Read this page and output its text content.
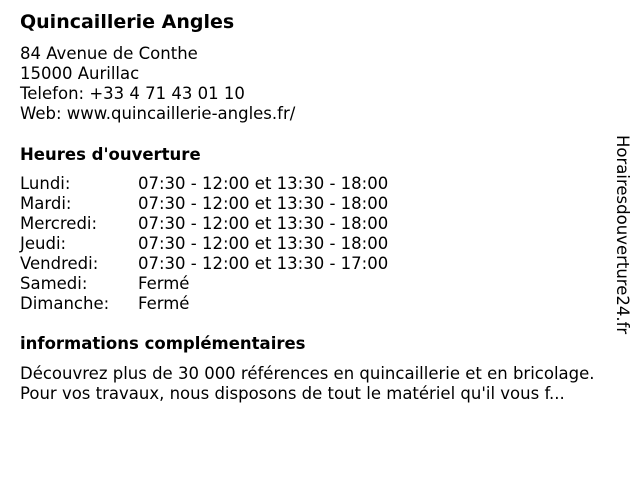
Quincaillerie Angles
84 Avenue de Conthe
15000 Aurillac
Telefon: +33 4 71 43 01 10
Web: www.quincaillerie-angles.fr/
Heures d'ouverture
Lundi:	07:30 - 12:00 et 13:30 - 18:00
Mardi:	07:30 - 12:00 et 13:30 - 18:00
Mercredi:	07:30 - 12:00 et 13:30 - 18:00
Jeudi:	07:30 - 12:00 et 13:30 - 18:00
Vendredi:	07:30 - 12:00 et 13:30 - 17:00
Samedi:	Fermé
Dimanche:	Fermé
informations complémentaires
Découvrez plus de 30 000 références en quincaillerie et en bricolage.
Pour vos travaux, nous disposons de tout le matériel qu'il vous f...
Horairesdouverture24.fr
